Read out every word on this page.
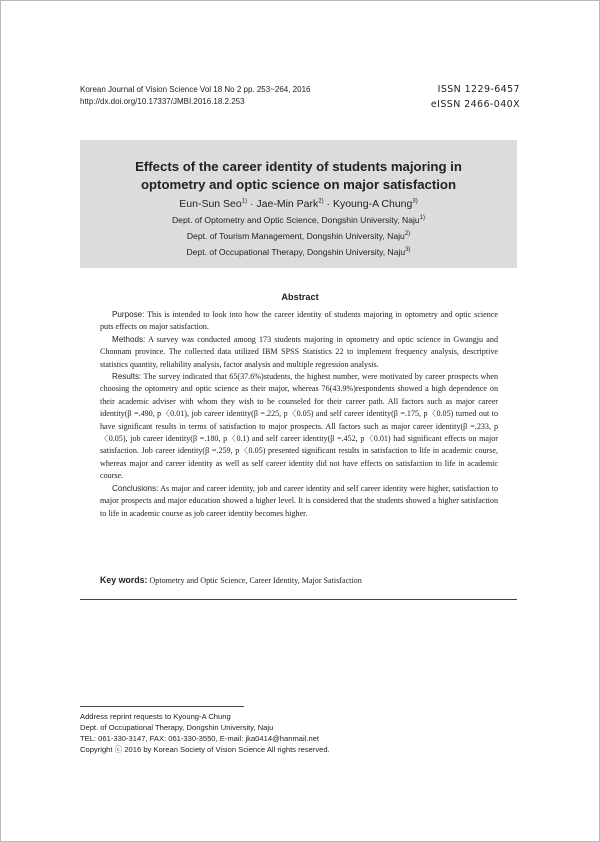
Korean Journal of Vision Science Vol 18 No 2 pp. 253~264, 2016
http://dx.doi.org/10.17337/JMBI.2016.18.2.253
ISSN 1229-6457
eISSN 2466-040X
Effects of the career identity of students majoring in
optometry and optic science on major satisfaction
Eun-Sun Seo$^{1)}$ · Jae-Min Park$^{2)}$ · Kyoung-A Chung$^{3)}$
Dept. of Optometry and Optic Science, Dongshin University, Naju$^{1)}$
Dept. of Tourism Management, Dongshin University, Naju$^{2)}$
Dept. of Occupational Therapy, Dongshin University, Naju$^{3)}$
Abstract

Purpose: This is intended to look into how the career identity of students majoring in optometry and optic science puts effects on major satisfaction.

Methods: A survey was conducted among 173 students majoring in optometry and optic science in Gwangju and Chonnam province. The collected data utilized IBM SPSS Statistics 22 to implement frequency analysis, descriptive statistics quantity, reliability analysis, factor analysis and multiple regression analysis.

Results: The survey indicated that 65(37.6%)students, the highest number, were motivated by career prospects when choosing the optometry and optic science as their major, whereas 76(43.9%)respondents showed a high dependence on their academic adviser with whom they wish to be counseled for their career path. All factors such as major career identity(β =.490, p〈0.01), job career identity(β =.225, p〈0.05) and self career identity(β =.175, p〈0.05) turned out to have significant results in terms of satisfaction to major prospects. All factors such as major career identity(β =.233, p〈0.05), job career identity(β =.180, p〈0.1) and self career identity(β =.452, p〈0.01) had significant effects on major satisfaction. Job career identity(β =.259, p〈0.05) presented significant results in satisfaction to life in academic course, whereas major and career identity as well as self career identity did not have effects on satisfaction to life in academic course.

Conclusions: As major and career identity, job and career identity and self career identity were higher, satisfaction to major prospects and major education showed a higher level. It is considered that the students showed a higher satisfaction to life in academic course as job career identity becomes higher.

Key words: Optometry and Optic Science, Career Identity, Major Satisfaction
Address reprint requests to Kyoung-A Chung
Dept. of Occupational Therapy, Dongshin University, Naju
TEL: 061-330-3147, FAX: 061-330-3550, E-mail: jka0414@hanmail.net
Copyright ⓒ 2016 by Korean Society of Vision Science All rights reserved.
